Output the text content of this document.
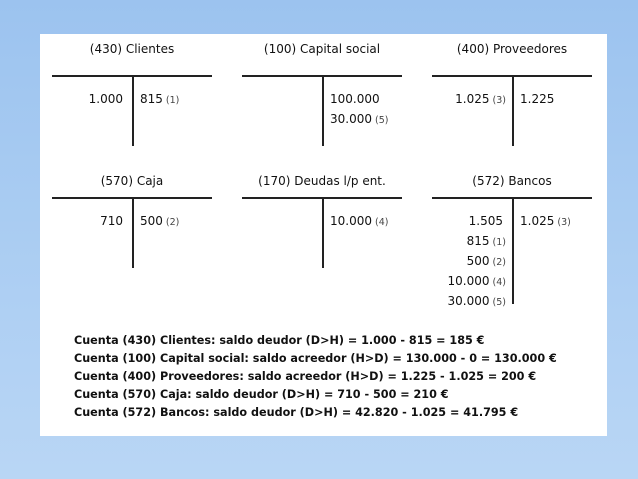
(430) Clientes
1.000 815 (1)
(100) Capital social
100.000
30.000 (5)
(400) Proveedores
1.025 (3) 1.225
(570) Caja
710 500 (2)
(170) Deudas l/p ent.
10.000 (4)
(572) Bancos
1.505
815 (1)
500 (2)
10.000 (4)
30.000 (5)
1.025 (3)
Cuenta (430) Clientes: saldo deudor (D>H) = 1.000 - 815 = 185 €
Cuenta (100) Capital social: saldo acreedor (H>D) = 130.000 - 0 = 130.000 €
Cuenta (400) Proveedores: saldo acreedor (H>D) = 1.225 - 1.025 = 200 €
Cuenta (570) Caja: saldo deudor (D>H) = 710 - 500 = 210 €
Cuenta (572) Bancos: saldo deudor (D>H) = 42.820 - 1.025 = 41.795 €
